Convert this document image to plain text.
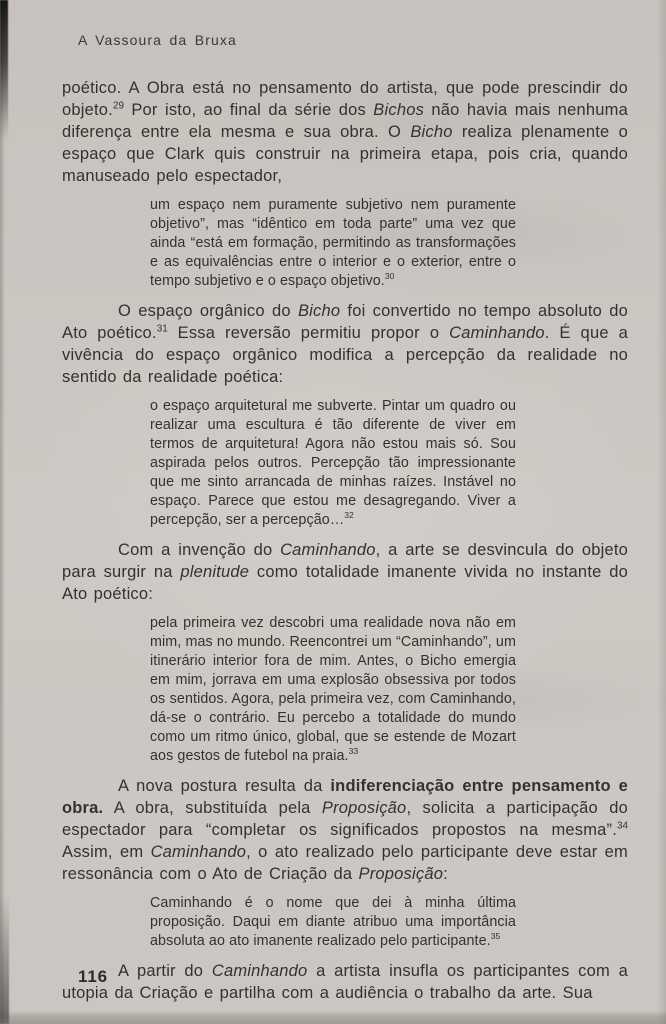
A Vassoura da Bruxa

poético. A Obra está no pensamento do artista, que pode prescindir do objeto.$^{29}$ Por isto, ao final da série dos Bichos não havia mais nenhuma diferença entre ela mesma e sua obra. O Bicho realiza plenamente o espaço que Clark quis construir na primeira etapa, pois cria, quando manuseado pelo espectador,

um espaço nem puramente subjetivo nem puramente objetivo”, mas “idêntico em toda parte” uma vez que ainda “está em formação, permitindo as transformações e as equivalências entre o interior e o exterior, entre o tempo subjetivo e o espaço objetivo.$^{30}$

O espaço orgânico do Bicho foi convertido no tempo absoluto do Ato poético.$^{31}$ Essa reversão permitiu propor o Caminhando. É que a vivência do espaço orgânico modifica a percepção da realidade no sentido da realidade poética:

o espaço arquitetural me subverte. Pintar um quadro ou realizar uma escultura é tão diferente de viver em termos de arquitetura! Agora não estou mais só. Sou aspirada pelos outros. Percepção tão impressionante que me sinto arrancada de minhas raízes. Instável no espaço. Parece que estou me desagregando. Viver a percepção, ser a percepção…$^{32}$

Com a invenção do Caminhando, a arte se desvincula do objeto para surgir na plenitude como totalidade imanente vivida no instante do Ato poético:

pela primeira vez descobri uma realidade nova não em mim, mas no mundo. Reencontrei um “Caminhando”, um itinerário interior fora de mim. Antes, o Bicho emergia em mim, jorrava em uma explosão obsessiva por todos os sentidos. Agora, pela primeira vez, com Caminhando, dá-se o contrário. Eu percebo a totalidade do mundo como um ritmo único, global, que se estende de Mozart aos gestos de futebol na praia.$^{33}$

A nova postura resulta da indiferenciação entre pensamento e obra. A obra, substituída pela Proposição, solicita a participação do espectador para “completar os significados propostos na mesma”.$^{34}$ Assim, em Caminhando, o ato realizado pelo participante deve estar em ressonância com o Ato de Criação da Proposição:

Caminhando é o nome que dei à minha última proposição. Daqui em diante atribuo uma importância absoluta ao ato imanente realizado pelo participante.$^{35}$

A partir do Caminhando a artista insufla os participantes com a utopia da Criação e partilha com a audiência o trabalho da arte. Sua

116
